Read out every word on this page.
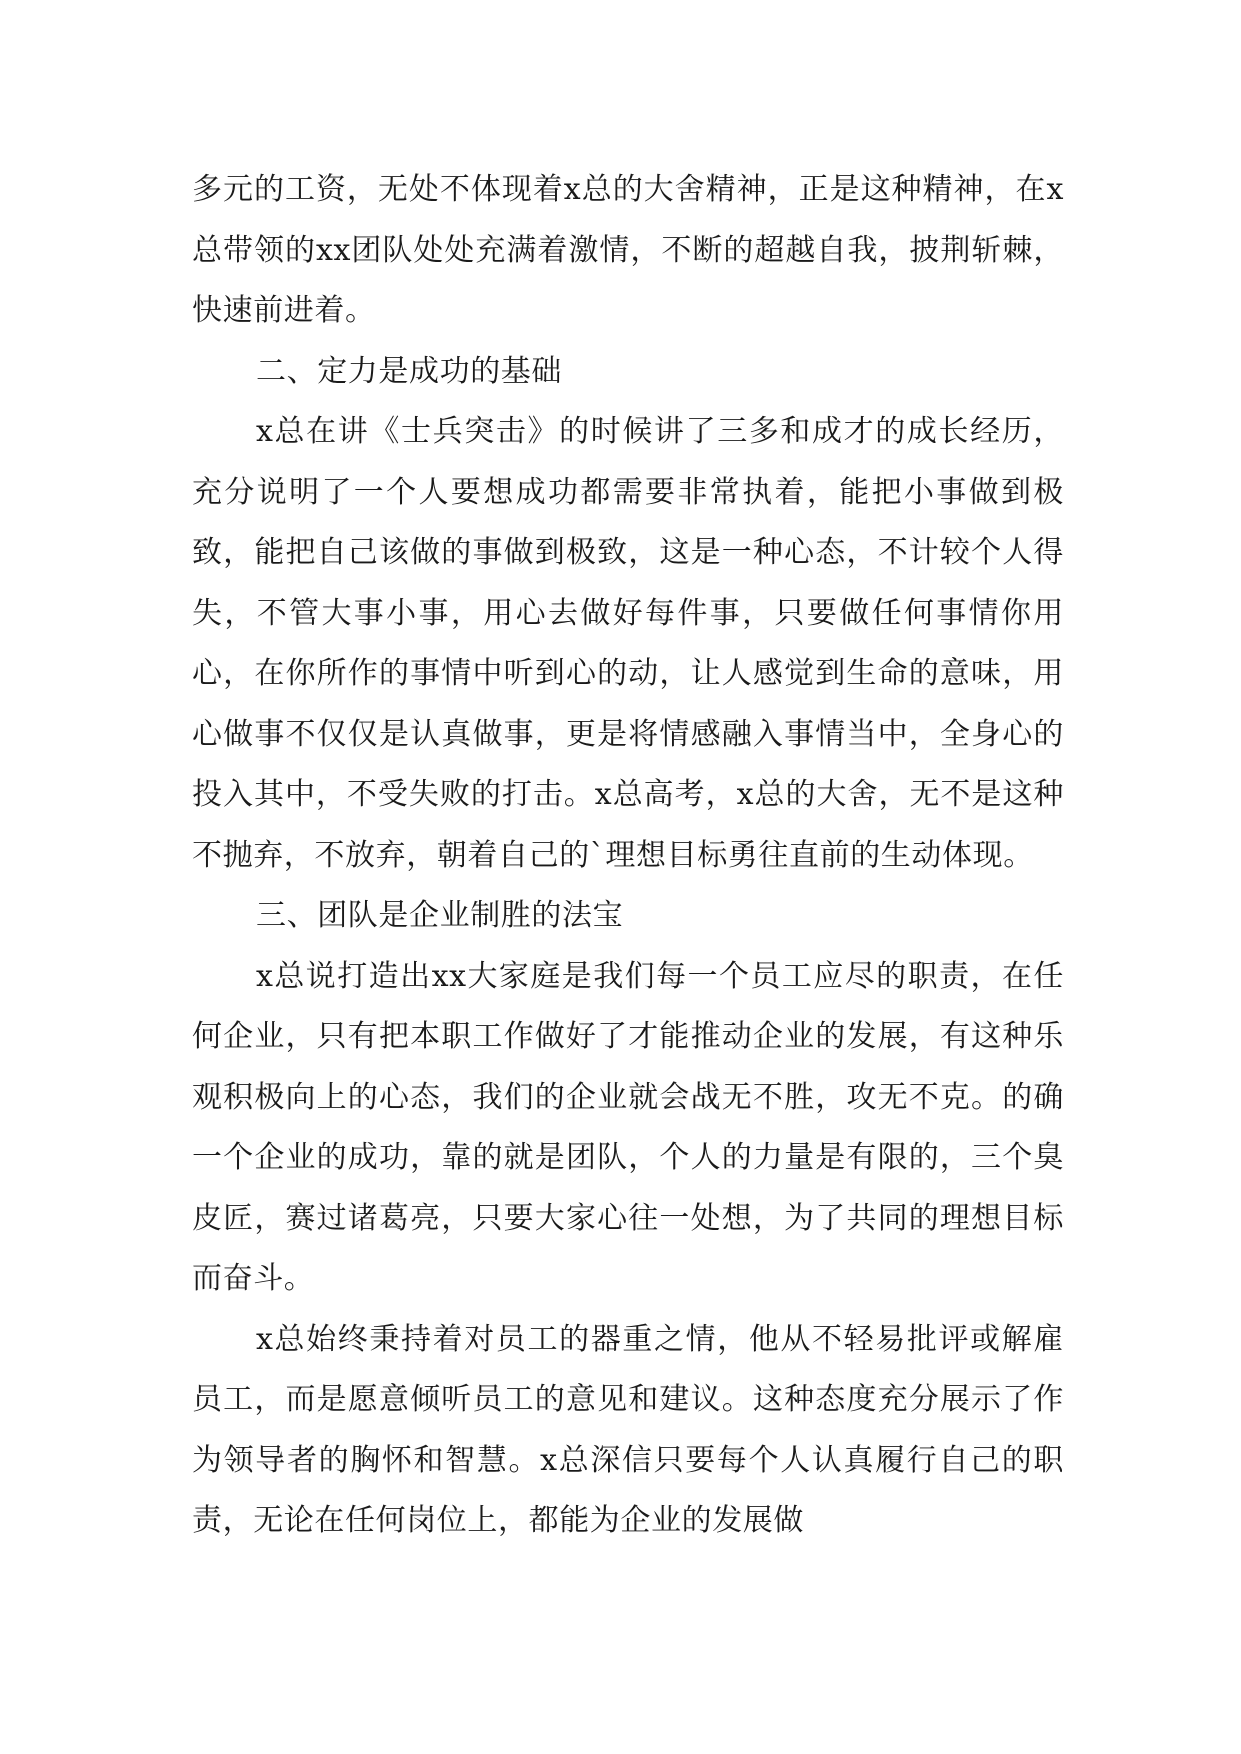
多元的工资，无处不体现着x总的大舍精神，正是这种精神，在x总带领的xx团队处处充满着激情，不断的超越自我，披荆斩棘，快速前进着。

二、定力是成功的基础

x总在讲《士兵突击》的时候讲了三多和成才的成长经历，充分说明了一个人要想成功都需要非常执着，能把小事做到极致，能把自己该做的事做到极致，这是一种心态，不计较个人得失，不管大事小事，用心去做好每件事，只要做任何事情你用心，在你所作的事情中听到心的动，让人感觉到生命的意味，用心做事不仅仅是认真做事，更是将情感融入事情当中，全身心的投入其中，不受失败的打击。x总高考，x总的大舍，无不是这种不抛弃，不放弃，朝着自己的`理想目标勇往直前的生动体现。

三、团队是企业制胜的法宝

x总说打造出xx大家庭是我们每一个员工应尽的职责，在任何企业，只有把本职工作做好了才能推动企业的发展，有这种乐观积极向上的心态，我们的企业就会战无不胜，攻无不克。的确一个企业的成功，靠的就是团队，个人的力量是有限的，三个臭皮匠，赛过诸葛亮，只要大家心往一处想，为了共同的理想目标而奋斗。

x总始终秉持着对员工的器重之情，他从不轻易批评或解雇员工，而是愿意倾听员工的意见和建议。这种态度充分展示了作为领导者的胸怀和智慧。x总深信只要每个人认真履行自己的职责，无论在任何岗位上，都能为企业的发展做
